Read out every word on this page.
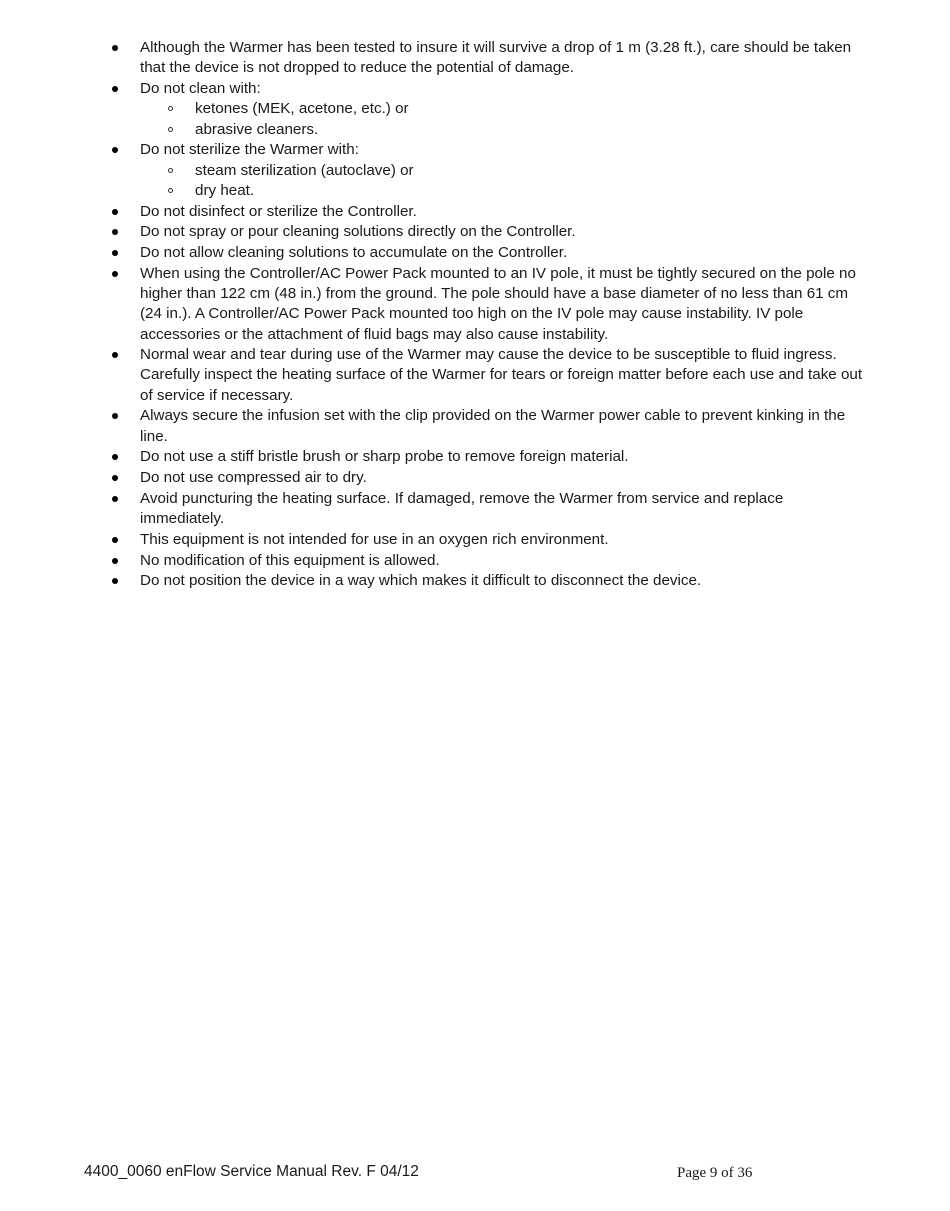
Although the Warmer has been tested to insure it will survive a drop of 1 m (3.28 ft.), care should be taken that the device is not dropped to reduce the potential of damage.
Do not clean with:
ketones (MEK, acetone, etc.) or
abrasive cleaners.
Do not sterilize the Warmer with:
steam sterilization (autoclave) or
dry heat.
Do not disinfect or sterilize the Controller.
Do not spray or pour cleaning solutions directly on the Controller.
Do not allow cleaning solutions to accumulate on the Controller.
When using the Controller/AC Power Pack mounted to an IV pole, it must be tightly secured on the pole no higher than 122 cm (48 in.) from the ground. The pole should have a base diameter of no less than 61 cm (24 in.). A Controller/AC Power Pack mounted too high on the IV pole may cause instability. IV pole accessories or the attachment of fluid bags may also cause instability.
Normal wear and tear during use of the Warmer may cause the device to be susceptible to fluid ingress. Carefully inspect the heating surface of the Warmer for tears or foreign matter before each use and take out of service if necessary.
Always secure the infusion set with the clip provided on the Warmer power cable to prevent kinking in the line.
Do not use a stiff bristle brush or sharp probe to remove foreign material.
Do not use compressed air to dry.
Avoid puncturing the heating surface. If damaged, remove the Warmer from service and replace immediately.
This equipment is not intended for use in an oxygen rich environment.
No modification of this equipment is allowed.
Do not position the device in a way which makes it difficult to disconnect the device.
4400_0060 enFlow Service Manual Rev. F 04/12	Page 9 of 36
